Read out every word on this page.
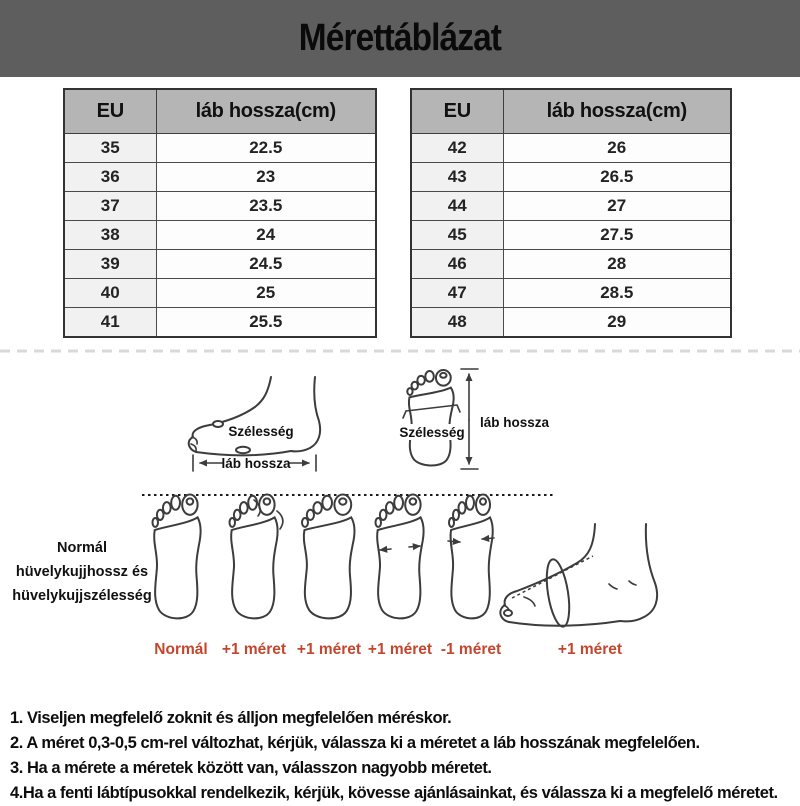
Mérettáblázat
EU	láb hossza(cm)
35	22.5
36	23
37	23.5
38	24
39	24.5
40	25
41	25.5
EU	láb hossza(cm)
42	26
43	26.5
44	27
45	27.5
46	28
47	28.5
48	29
Szélesség
láb hossza
Szélesség
láb hossza
Normál hüvelykujjhossz és hüvelykujjszélesség
Normál +1 méret +1 méret +1 méret -1 méret	+1 méret
1. Viseljen megfelelő zoknit és álljon megfelelően méréskor.
2. A méret 0,3-0,5 cm-rel változhat, kérjük, válassza ki a méretet a láb hosszának megfelelően.
3. Ha a mérete a méretek között van, válasszon nagyobb méretet.
4.Ha a fenti lábtípusokkal rendelkezik, kérjük, kövesse ajánlásainkat, és válassza ki a megfelelő méretet.
